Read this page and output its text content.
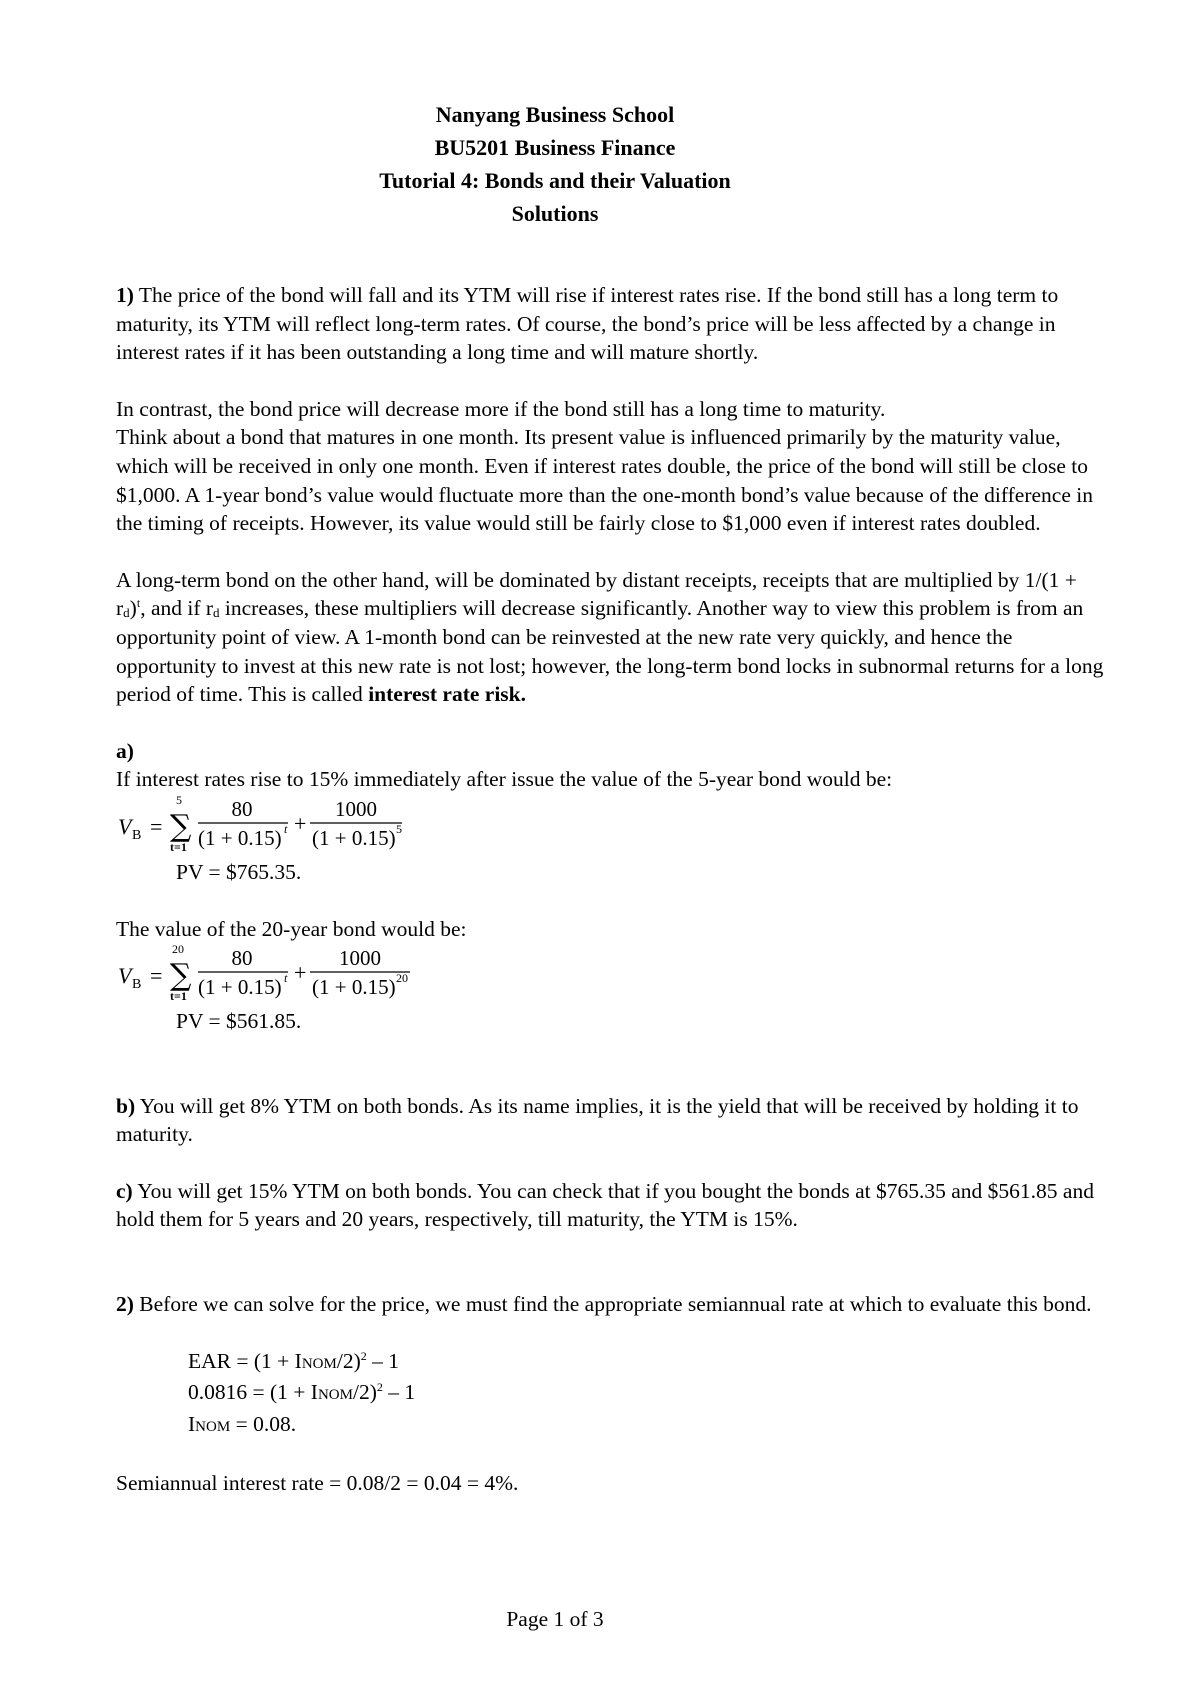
Nanyang Business School
BU5201 Business Finance
Tutorial 4: Bonds and their Valuation
Solutions

1) The price of the bond will fall and its YTM will rise if interest rates rise. If the bond still has a long term to maturity, its YTM will reflect long-term rates. Of course, the bond’s price will be less affected by a change in interest rates if it has been outstanding a long time and will mature shortly.

In contrast, the bond price will decrease more if the bond still has a long time to maturity.

Think about a bond that matures in one month. Its present value is influenced primarily by the maturity value, which will be received in only one month. Even if interest rates double, the price of the bond will still be close to $1,000. A 1-year bond’s value would fluctuate more than the one-month bond’s value because of the difference in the timing of receipts. However, its value would still be fairly close to $1,000 even if interest rates doubled.

A long-term bond on the other hand, will be dominated by distant receipts, receipts that are multiplied by 1/(1 + rd)$^t$, and if rd increases, these multipliers will decrease significantly. Another way to view this problem is from an opportunity point of view. A 1-month bond can be reinvested at the new rate very quickly, and hence the opportunity to invest at this new rate is not lost; however, the long-term bond locks in subnormal returns for a long period of time. This is called interest rate risk.

a)

If interest rates rise to 15% immediately after issue the value of the 5-year bond would be:

V B =
5
∑
t=1
80
(1 + 0.15) t +
1000
(1 + 0.15) 5

PV = $765.35.

The value of the 20-year bond would be:

V B =
20
∑
t=1
80
(1 + 0.15) t +
1000
(1 + 0.15) 20

PV = $561.85.

b) You will get 8% YTM on both bonds. As its name implies, it is the yield that will be received by holding it to maturity.

c) You will get 15% YTM on both bonds. You can check that if you bought the bonds at $765.35 and $561.85 and hold them for 5 years and 20 years, respectively, till maturity, the YTM is 15%.

2) Before we can solve for the price, we must find the appropriate semiannual rate at which to evaluate this bond.

EAR = (1 + INOM/2)$^2$ – 1

0.0816 = (1 + INOM/2)$^2$ – 1

INOM = 0.08.

Semiannual interest rate = 0.08/2 = 0.04 = 4%.

Page 1 of 3
